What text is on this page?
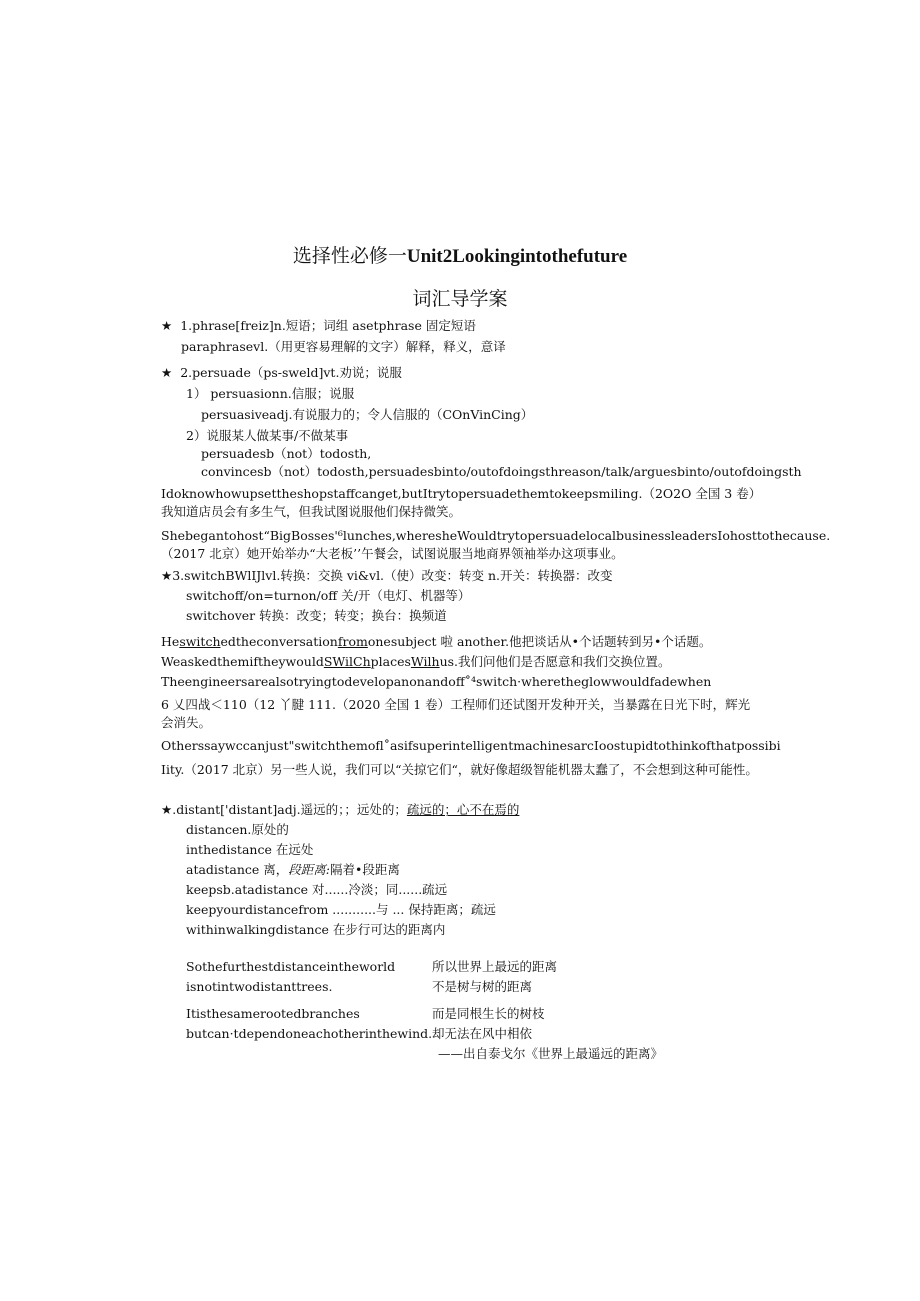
选择性必修一Unit2Lookingintothefuture
词汇导学案
★ 1.phrase[freiz]n.短语；词组 asetphrase 固定短语
paraphrasevl.（用更容易理解的文字）解释，释义，意译
★ 2.persuade（ps-sweld]vt.劝说；说服
1） persuasionn.信服；说服
persuasiveadj.有说服力的；令人信服的（COnVinCing）
2）说服某人做某事/不做某事
persuadesb（not）todosth,
convincesb（not）todosth,persuadesbinto/outofdoingsthreason/talk/arguesbinto/outofdoingsth
Idoknowhowupsettheshopstaffcanget,butItrytopersuadethemtokeepsmiling.（2O2O 全国 3 卷）我知道店员会有多生气，但我试图说服他们保持微笑。
Shebegantohost“BigBosses'⁶lunches,wheresheWouldtrytopersuadelocalbusinessleadersIohosttothecause.（2017 北京）她开始举办“大老板’’午餐会，试图说服当地商界领袖举办这项事业。
★3.switchBWlIJlvl.转换：交换 vi&vl.（使）改变：转变 n.开关：转换器：改变
switchoff/on=turnon/off 关/开（电灯、机器等）
switchover 转换：改变；转变；换台：换频道
Heswitchedtheconversationfromonesubject 啦 another.他把谈话从•个话题转到另•个话题。
WeaskedthemiftheywouldSWilChplacesWilhus.我们问他们是否愿意和我们交换位置。
Theengineersarealsotryingtodevelopanonandoff˚⁴switch·wheretheglowwouldfadewhen
6 乂四战＜110（12 丫腱 111.（2020 全国 1 卷）工程师们还试图开发种开关，当暴露在日光下时，辉光会消失。
Otherssaywccanjust"switchthemofl˚asifsuperintelligentmachinesarcIoostupidtothinkofthatpossibi
Iity.（2017 北京）另一些人说，我们可以“关掠它们“，就好像超级智能机器太蠢了，不会想到这种可能性。
★.distant['distant]adj.遥远的；；远处的；疏远的；心不在焉的
distancen.原处的
inthedistance 在远处
atadistance 离，段距离:隔着•段距离
keepsb.atadistance 对......冷淡；同......疏远
keepyourdistancefrom ...........与 ... 保持距离；疏远
withinwalkingdistance 在步行可达的距离内
Sothefurthestdistanceintheworld	所以世界上最远的距离
isnotintwodistanttrees.	不是树与树的距离
Itisthesamerootedbranches	而是同根生长的树枝
butcan·tdependoneachotherinthewind. 却无法在风中相依
——出自泰戈尔《世界上最遥远的距离》
